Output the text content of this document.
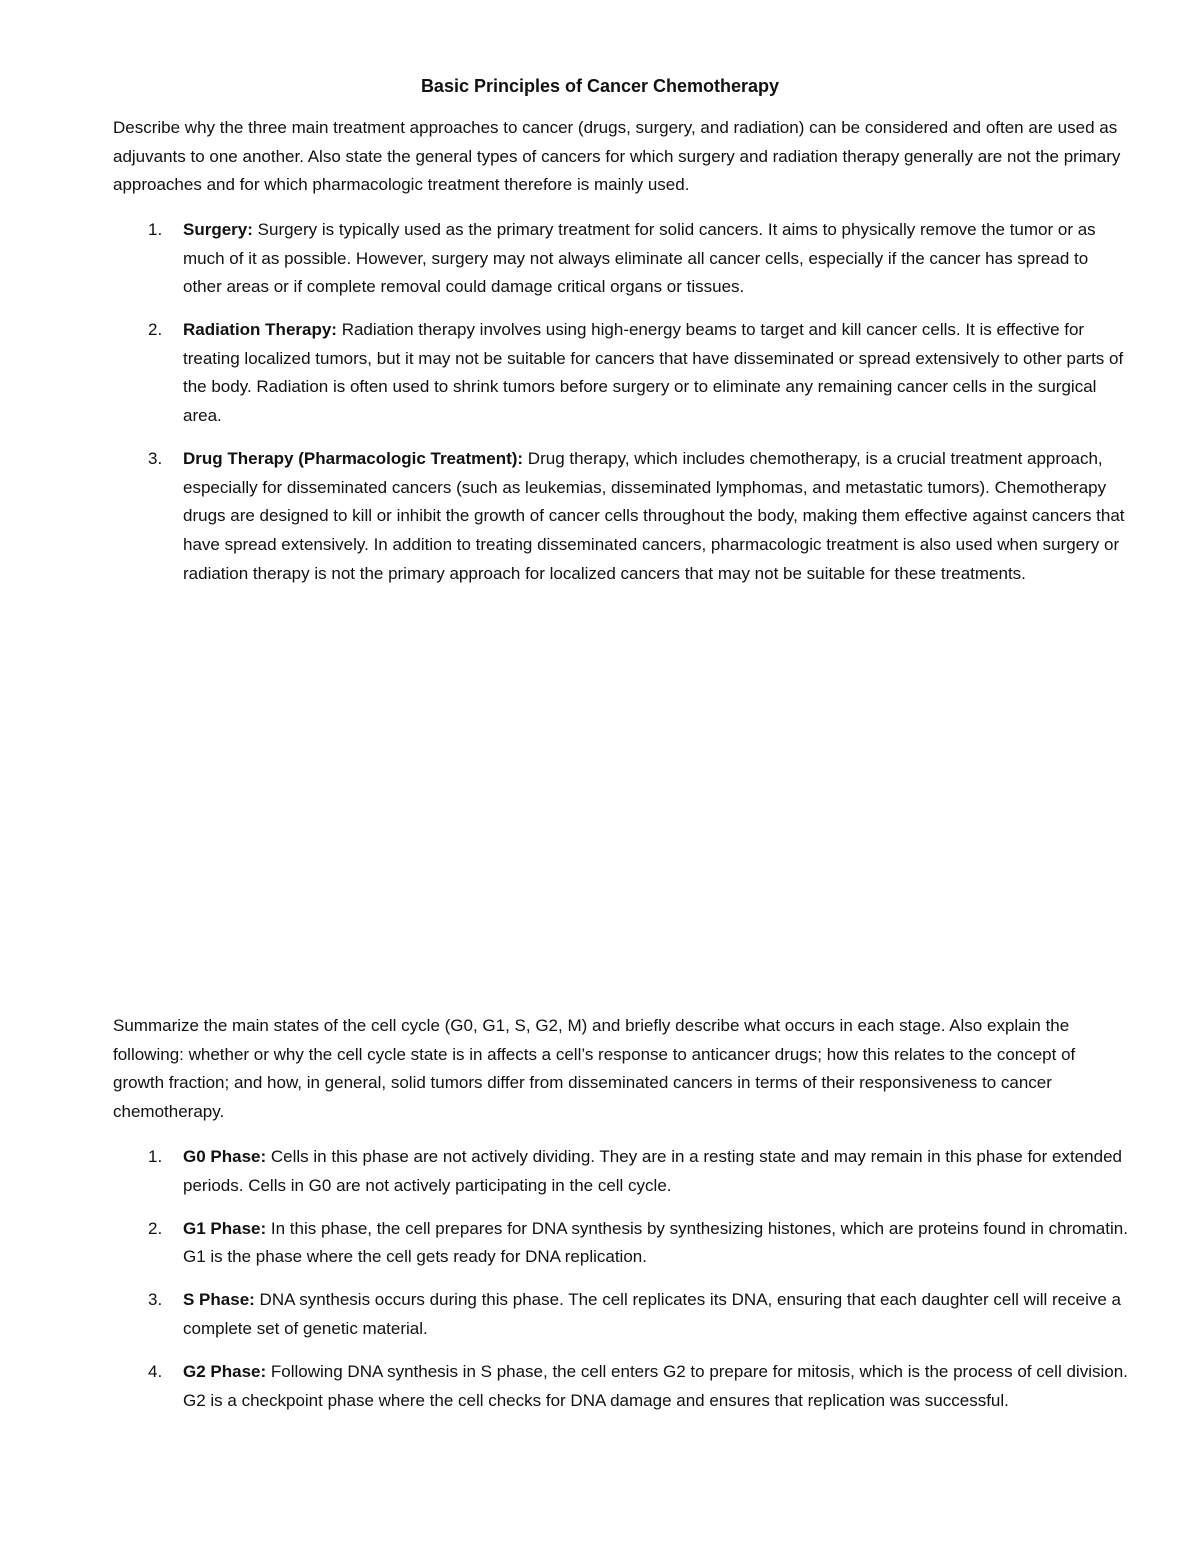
Basic Principles of Cancer Chemotherapy

Describe why the three main treatment approaches to cancer (drugs, surgery, and radiation) can be considered and often are used as adjuvants to one another. Also state the general types of cancers for which surgery and radiation therapy generally are not the primary approaches and for which pharmacologic treatment therefore is mainly used.

1. Surgery: Surgery is typically used as the primary treatment for solid cancers. It aims to physically remove the tumor or as much of it as possible. However, surgery may not always eliminate all cancer cells, especially if the cancer has spread to other areas or if complete removal could damage critical organs or tissues.
2. Radiation Therapy: Radiation therapy involves using high-energy beams to target and kill cancer cells. It is effective for treating localized tumors, but it may not be suitable for cancers that have disseminated or spread extensively to other parts of the body. Radiation is often used to shrink tumors before surgery or to eliminate any remaining cancer cells in the surgical area.
3. Drug Therapy (Pharmacologic Treatment): Drug therapy, which includes chemotherapy, is a crucial treatment approach, especially for disseminated cancers (such as leukemias, disseminated lymphomas, and metastatic tumors). Chemotherapy drugs are designed to kill or inhibit the growth of cancer cells throughout the body, making them effective against cancers that have spread extensively. In addition to treating disseminated cancers, pharmacologic treatment is also used when surgery or radiation therapy is not the primary approach for localized cancers that may not be suitable for these treatments.

Summarize the main states of the cell cycle (G0, G1, S, G2, M) and briefly describe what occurs in each stage. Also explain the following: whether or why the cell cycle state is in affects a cell’s response to anticancer drugs; how this relates to the concept of growth fraction; and how, in general, solid tumors differ from disseminated cancers in terms of their responsiveness to cancer chemotherapy.

1. G0 Phase: Cells in this phase are not actively dividing. They are in a resting state and may remain in this phase for extended periods. Cells in G0 are not actively participating in the cell cycle.
2. G1 Phase: In this phase, the cell prepares for DNA synthesis by synthesizing histones, which are proteins found in chromatin. G1 is the phase where the cell gets ready for DNA replication.
3. S Phase: DNA synthesis occurs during this phase. The cell replicates its DNA, ensuring that each daughter cell will receive a complete set of genetic material.
4. G2 Phase: Following DNA synthesis in S phase, the cell enters G2 to prepare for mitosis, which is the process of cell division. G2 is a checkpoint phase where the cell checks for DNA damage and ensures that replication was successful.
